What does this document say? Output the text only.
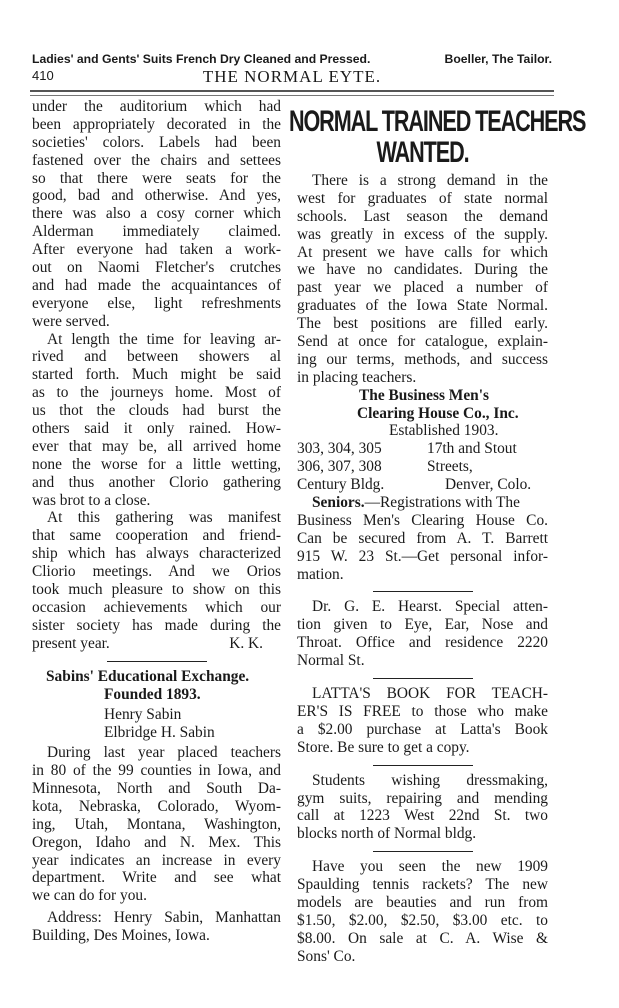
Ladies' and Gents' Suits French Dry Cleaned and Pressed.	Boeller, The Tailor.
410	THE NORMAL EYTE.
under the auditorium which had
been appropriately decorated in the
societies' colors. Labels had been
fastened over the chairs and settees
so that there were seats for the
good, bad and otherwise. And yes,
there was also a cosy corner which
Alderman immediately claimed.
After everyone had taken a work-
out on Naomi Fletcher's crutches
and had made the acquaintances of
everyone else, light refreshments
were served.
At length the time for leaving ar-
rived and between showers al
started forth. Much might be said
as to the journeys home. Most of
us thot the clouds had burst the
others said it only rained. How-
ever that may be, all arrived home
none the worse for a little wetting,
and thus another Clorio gathering
was brot to a close.
At this gathering was manifest
that same cooperation and friend-
ship which has always characterized
Cliorio meetings. And we Orios
took much pleasure to show on this
occasion achievements which our
sister society has made during the
present year.	K. K.
Sabins' Educational Exchange.
Founded 1893.
Henry Sabin
Elbridge H. Sabin
During last year placed teachers
in 80 of the 99 counties in Iowa, and
Minnesota, North and South Da-
kota, Nebraska, Colorado, Wyom-
ing, Utah, Montana, Washington,
Oregon, Idaho and N. Mex. This
year indicates an increase in every
department. Write and see what
we can do for you.
Address: Henry Sabin, Manhattan
Building, Des Moines, Iowa.
NORMAL TRAINED TEACHERS
WANTED.
There is a strong demand in the
west for graduates of state normal
schools. Last season the demand
was greatly in excess of the supply.
At present we have calls for which
we have no candidates. During the
past year we placed a number of
graduates of the Iowa State Normal.
The best positions are filled early.
Send at once for catalogue, explain-
ing our terms, methods, and success
in placing teachers.
The Business Men's
Clearing House Co., Inc.
Established 1903.
303, 304, 305	17th and Stout
306, 307, 308	Streets,
Century Bldg.	Denver, Colo.
Seniors.—Registrations with The
Business Men's Clearing House Co.
Can be secured from A. T. Barrett
915 W. 23 St.—Get personal infor-
mation.
Dr. G. E. Hearst. Special atten-
tion given to Eye, Ear, Nose and
Throat. Office and residence 2220
Normal St.
LATTA'S BOOK FOR TEACH-
ER'S IS FREE to those who make
a $2.00 purchase at Latta's Book
Store. Be sure to get a copy.
Students wishing dressmaking,
gym suits, repairing and mending
call at 1223 West 22nd St. two
blocks north of Normal bldg.
Have you seen the new 1909
Spaulding tennis rackets? The new
models are beauties and run from
$1.50, $2.00, $2.50, $3.00 etc. to
$8.00. On sale at C. A. Wise &
Sons' Co.
